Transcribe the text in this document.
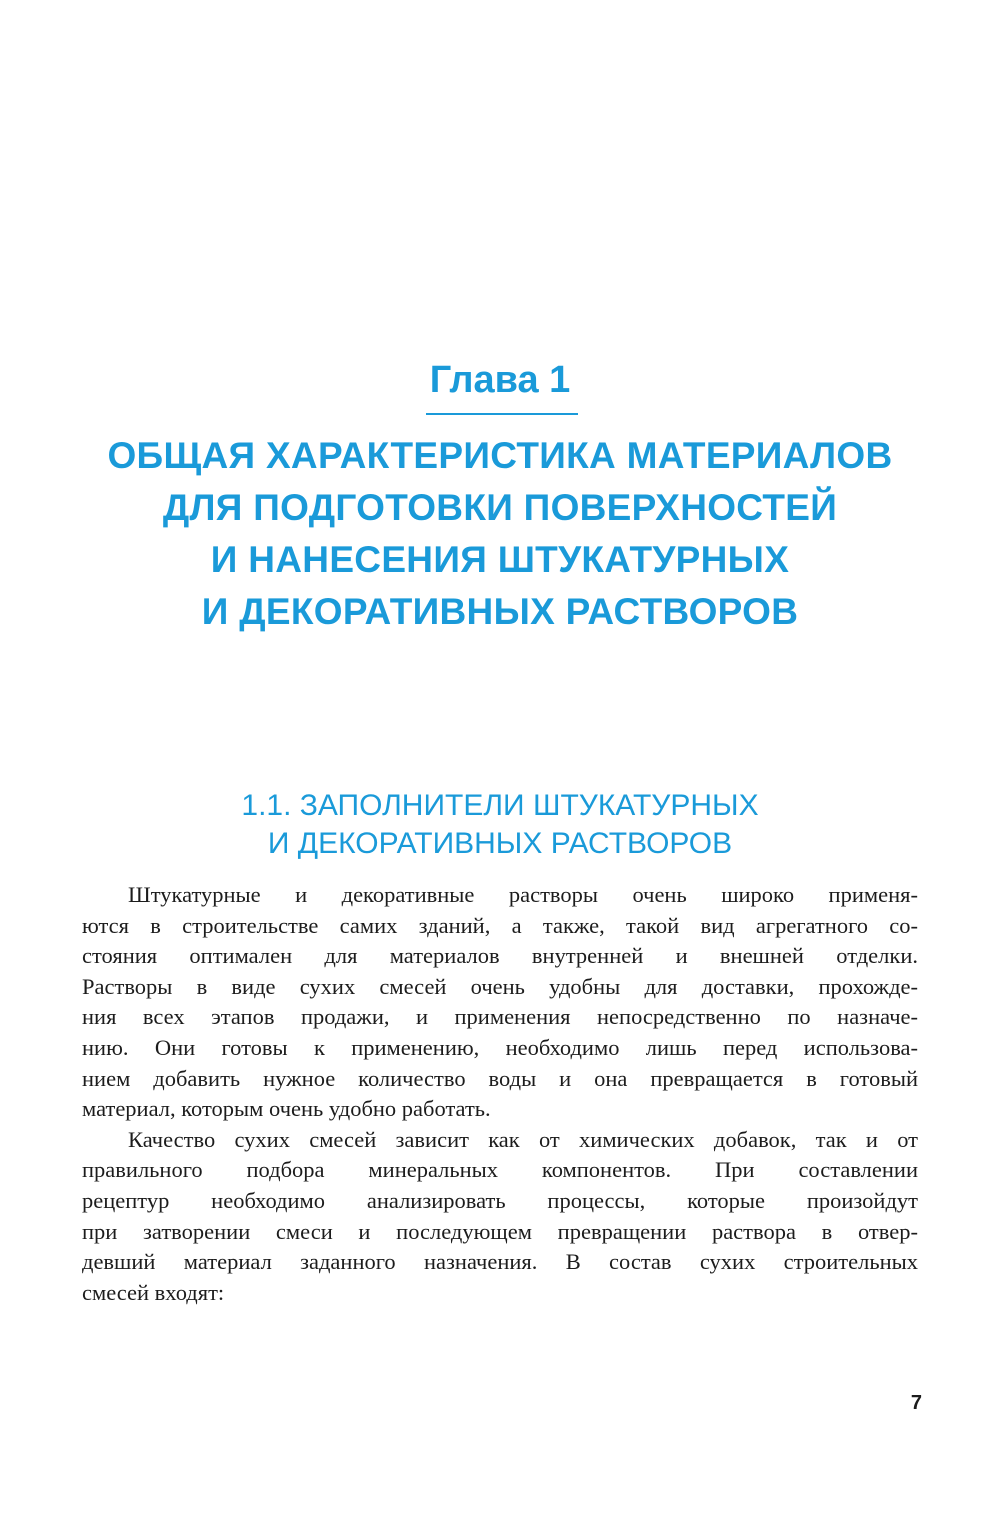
Глава 1
ОБЩАЯ ХАРАКТЕРИСТИКА МАТЕРИАЛОВ
ДЛЯ ПОДГОТОВКИ ПОВЕРХНОСТЕЙ
И НАНЕСЕНИЯ ШТУКАТУРНЫХ
И ДЕКОРАТИВНЫХ РАСТВОРОВ
1.1. ЗАПОЛНИТЕЛИ ШТУКАТУРНЫХ
И ДЕКОРАТИВНЫХ РАСТВОРОВ
Штукатурные и декоративные растворы очень широко применя-
ются в строительстве самих зданий, а также, такой вид агрегатного со-
стояния оптимален для материалов внутренней и внешней отделки.
Растворы в виде сухих смесей очень удобны для доставки, прохожде-
ния всех этапов продажи, и применения непосредственно по назначе-
нию. Они готовы к применению, необходимо лишь перед использова-
нием добавить нужное количество воды и она превращается в готовый
материал, которым очень удобно работать.
Качество сухих смесей зависит как от химических добавок, так и от
правильного подбора минеральных компонентов. При составлении
рецептур необходимо анализировать процессы, которые произойдут
при затворении смеси и последующем превращении раствора в отвер-
девший материал заданного назначения. В состав сухих строительных
смесей входят:
7
